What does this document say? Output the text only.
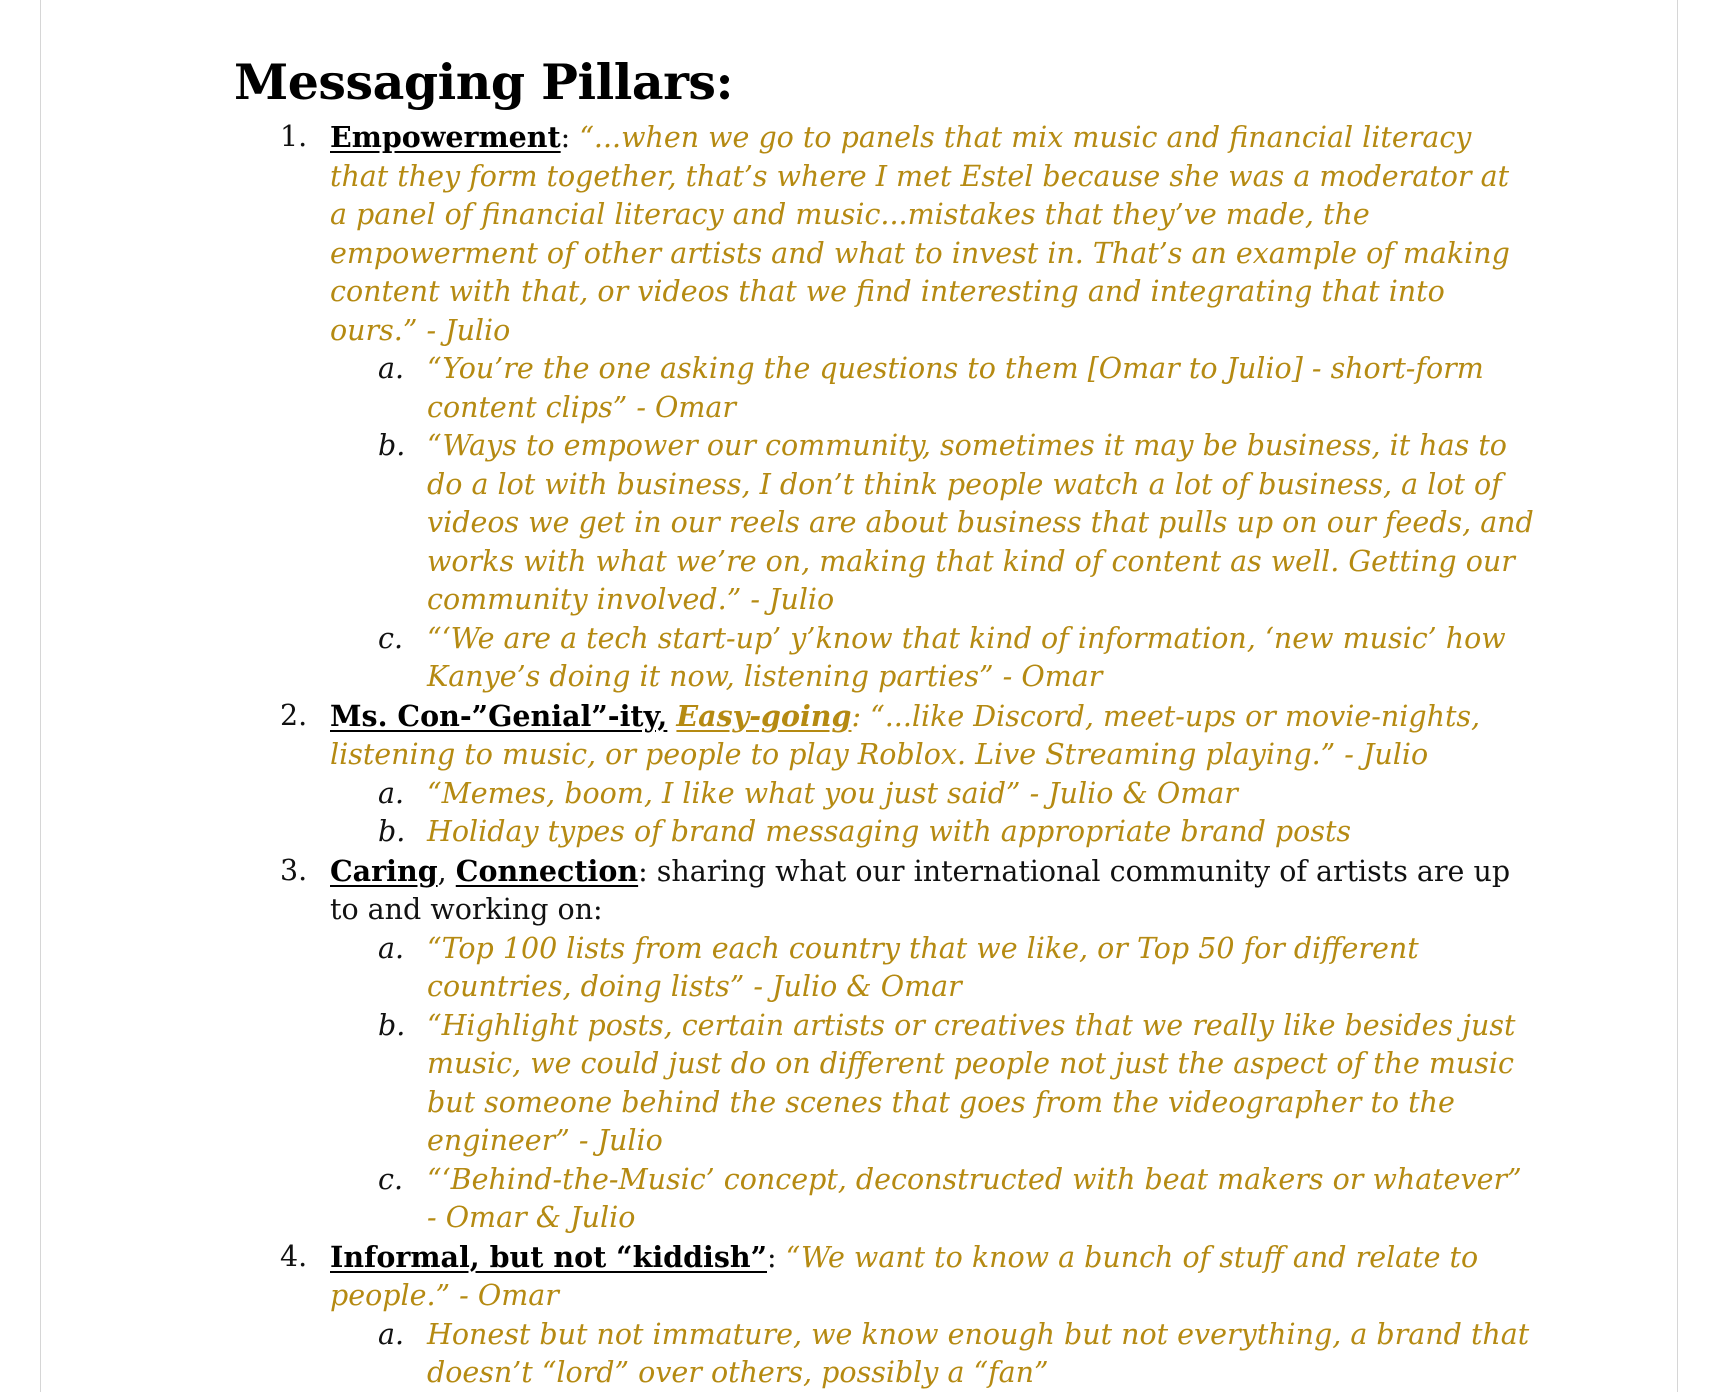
Messaging Pillars:
1. Empowerment: “...when we go to panels that mix music and financial literacy that they form together, that’s where I met Estel because she was a moderator at a panel of financial literacy and music...mistakes that they’ve made, the empowerment of other artists and what to invest in. That’s an example of making content with that, or videos that we find interesting and integrating that into ours.” - Julio
a. “You’re the one asking the questions to them [Omar to Julio] - short-form content clips” - Omar
b. “Ways to empower our community, sometimes it may be business, it has to do a lot with business, I don’t think people watch a lot of business, a lot of videos we get in our reels are about business that pulls up on our feeds, and works with what we’re on, making that kind of content as well. Getting our community involved.” - Julio
c. “‘We are a tech start-up’ y’know that kind of information, ‘new music’ how Kanye’s doing it now, listening parties” - Omar
2. Ms. Con-”Genial”-ity, Easy-going: “...like Discord, meet-ups or movie-nights, listening to music, or people to play Roblox. Live Streaming playing.” - Julio
a. “Memes, boom, I like what you just said” - Julio & Omar
b. Holiday types of brand messaging with appropriate brand posts
3. Caring, Connection: sharing what our international community of artists are up to and working on:
a. “Top 100 lists from each country that we like, or Top 50 for different countries, doing lists” - Julio & Omar
b. “Highlight posts, certain artists or creatives that we really like besides just music, we could just do on different people not just the aspect of the music but someone behind the scenes that goes from the videographer to the engineer” - Julio
c. “‘Behind-the-Music’ concept, deconstructed with beat makers or whatever” - Omar & Julio
4. Informal, but not “kiddish”: “We want to know a bunch of stuff and relate to people.” - Omar
a. Honest but not immature, we know enough but not everything, a brand that doesn’t “lord” over others, possibly a “fan”
